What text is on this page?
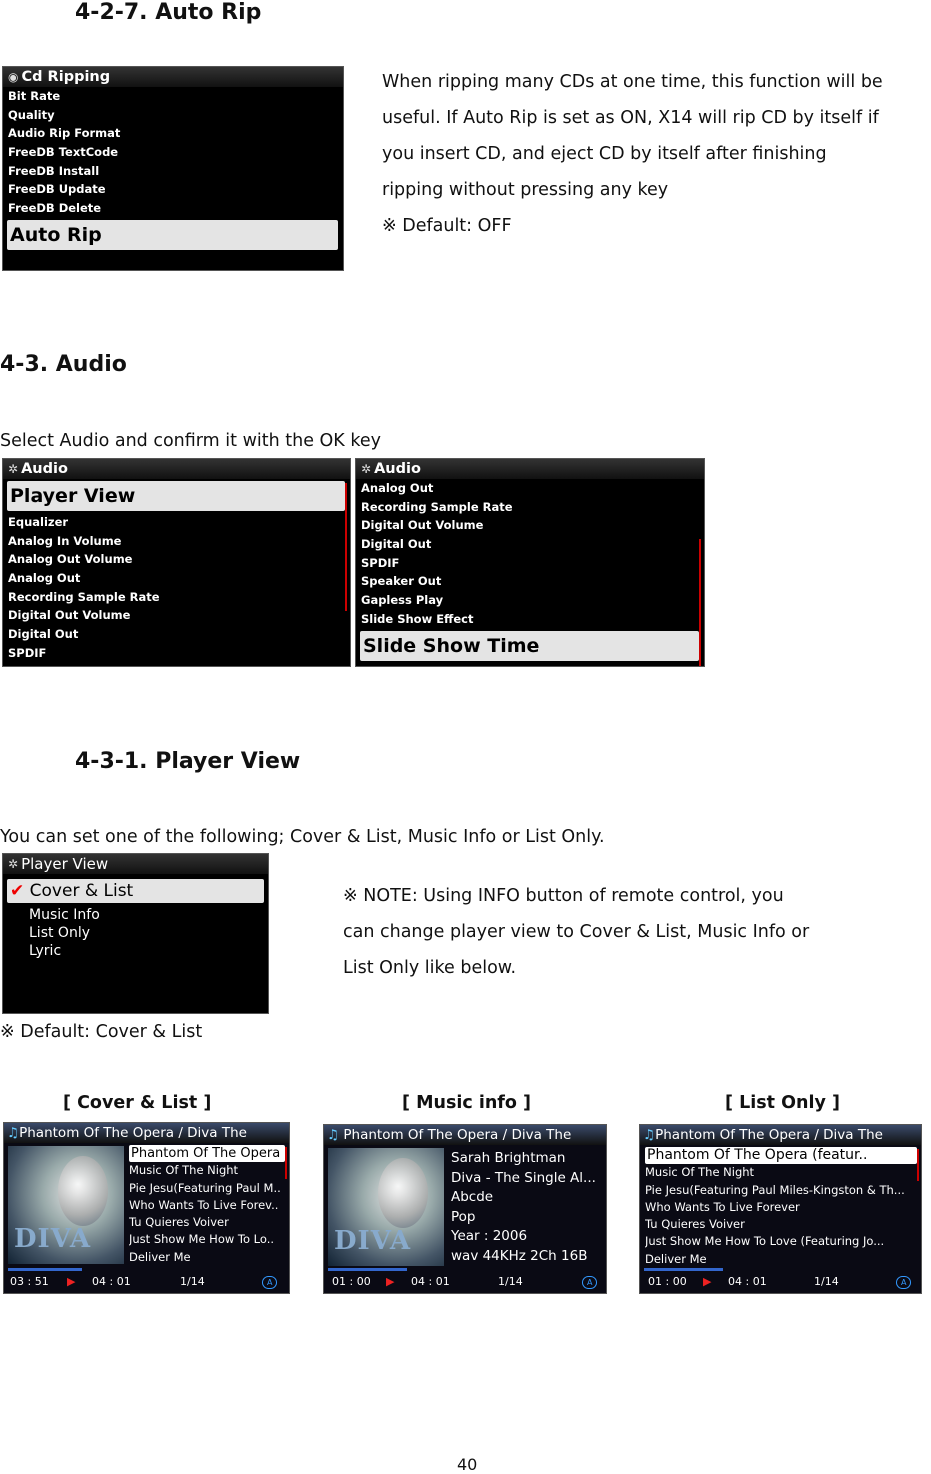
4-2-7. Auto Rip
◉ Cd Ripping
Bit Rate
Quality
Audio Rip Format
FreeDB TextCode
FreeDB Install
FreeDB Update
FreeDB Delete
Auto Rip
When ripping many CDs at one time, this function will be
useful. If Auto Rip is set as ON, X14 will rip CD by itself if
you insert CD, and eject CD by itself after finishing
ripping without pressing any key
※ Default: OFF
4-3. Audio
Select Audio and confirm it with the OK key
✲ Audio
Player View
Equalizer
Analog In Volume
Analog Out Volume
Analog Out
Recording Sample Rate
Digital Out Volume
Digital Out
SPDIF
✲ Audio
Analog Out
Recording Sample Rate
Digital Out Volume
Digital Out
SPDIF
Speaker Out
Gapless Play
Slide Show Effect
Slide Show Time
4-3-1. Player View
You can set one of the following; Cover & List, Music Info or List Only.
✲ Player View
✔ Cover & List
Music Info
List Only
Lyric
※ NOTE: Using INFO button of remote control, you
can change player view to Cover & List, Music Info or
List Only like below.
※ Default: Cover & List
[ Cover & List ]	[ Music info ]	[ List Only ]
♫Phantom Of The Opera / Diva The
DIVA
Phantom Of The Opera
Music Of The Night
Pie Jesu(Featuring Paul M..
Who Wants To Live Forev..
Tu Quieres Voiver
Just Show Me How To Lo..
Deliver Me
03 : 51 ▶ 04 : 01	1/14	A
♫ Phantom Of The Opera / Diva The
DIVA
Sarah Brightman
Diva - The Single Al...
Abcde
Pop
Year : 2006
wav 44KHz 2Ch 16B
01 : 00 ▶ 04 : 01	1/14	A
♫Phantom Of The Opera / Diva The
Phantom Of The Opera (featur..
Music Of The Night
Pie Jesu(Featuring Paul Miles-Kingston & Th...
Who Wants To Live Forever
Tu Quieres Voiver
Just Show Me How To Love (Featuring Jo...
Deliver Me
01 : 00 ▶ 04 : 01	1/14	A
40
